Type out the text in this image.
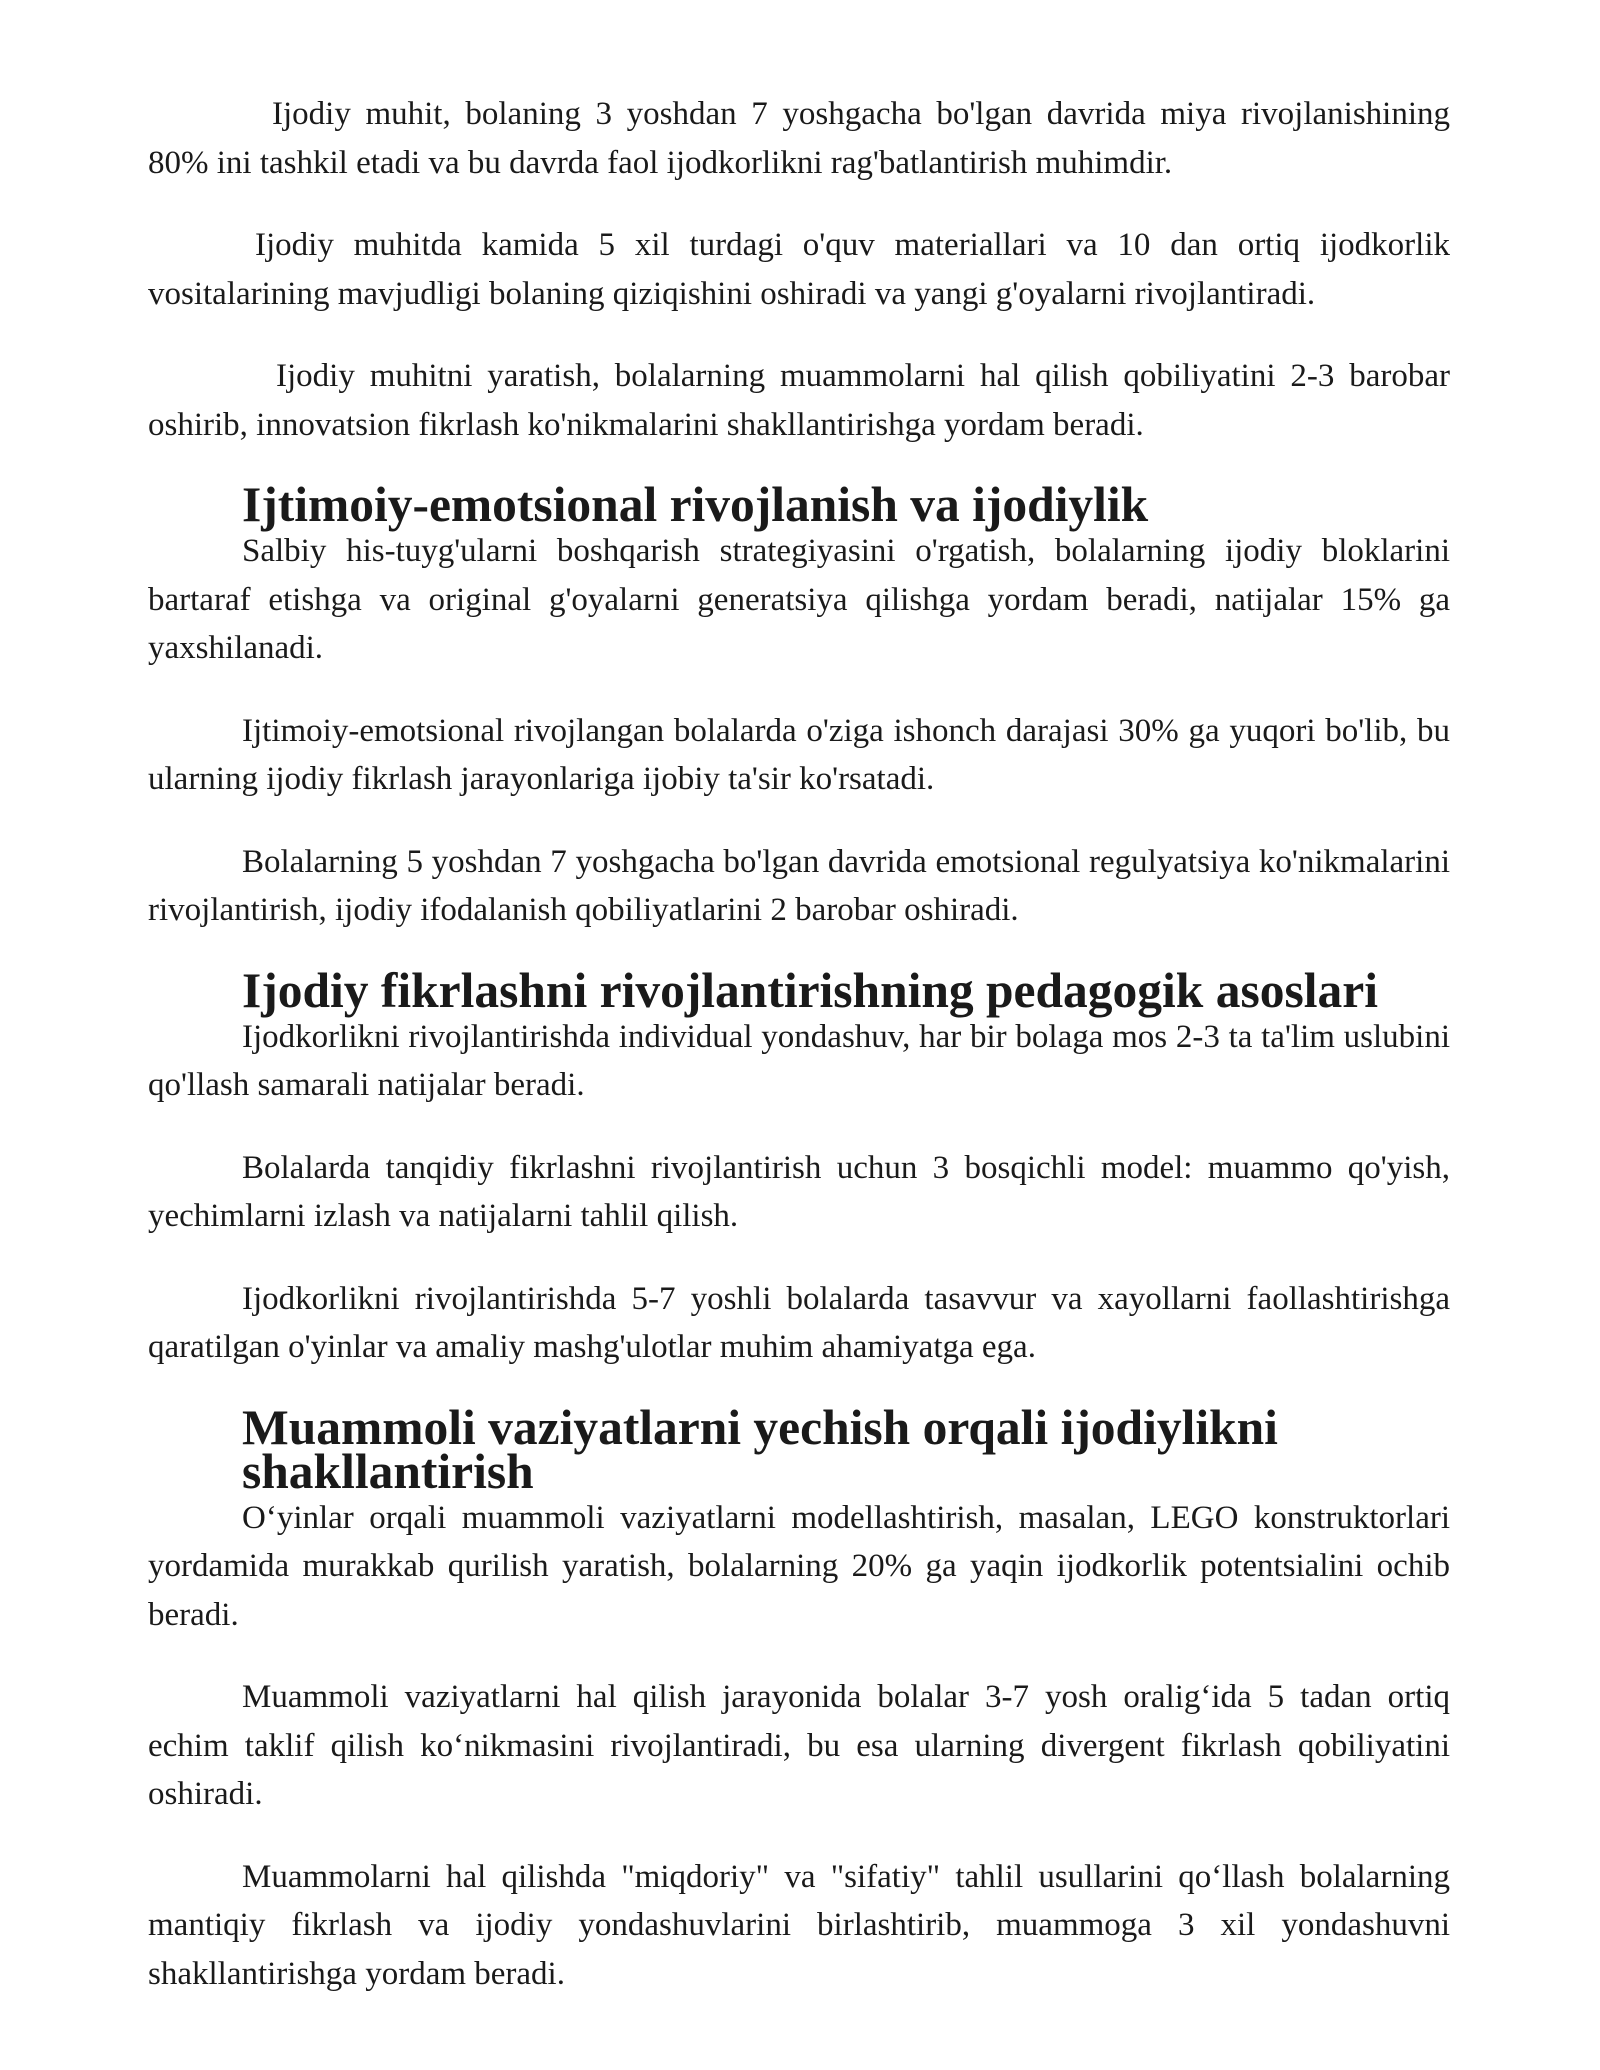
Ijodiy muhit, bolaning 3 yoshdan 7 yoshgacha bo'lgan davrida miya rivojlanishining 80% ini tashkil etadi va bu davrda faol ijodkorlikni rag'batlantirish muhimdir.

Ijodiy muhitda kamida 5 xil turdagi o'quv materiallari va 10 dan ortiq ijodkorlik vositalarining mavjudligi bolaning qiziqishini oshiradi va yangi g'oyalarni rivojlantiradi.

Ijodiy muhitni yaratish, bolalarning muammolarni hal qilish qobiliyatini 2-3 barobar oshirib, innovatsion fikrlash ko'nikmalarini shakllantirishga yordam beradi.

Ijtimoiy-emotsional rivojlanish va ijodiylik

Salbiy his-tuyg'ularni boshqarish strategiyasini o'rgatish, bolalarning ijodiy bloklarini bartaraf etishga va original g'oyalarni generatsiya qilishga yordam beradi, natijalar 15% ga yaxshilanadi.

Ijtimoiy-emotsional rivojlangan bolalarda o'ziga ishonch darajasi 30% ga yuqori bo'lib, bu ularning ijodiy fikrlash jarayonlariga ijobiy ta'sir ko'rsatadi.

Bolalarning 5 yoshdan 7 yoshgacha bo'lgan davrida emotsional regulyatsiya ko'nikmalarini rivojlantirish, ijodiy ifodalanish qobiliyatlarini 2 barobar oshiradi.

Ijodiy fikrlashni rivojlantirishning pedagogik asoslari

Ijodkorlikni rivojlantirishda individual yondashuv, har bir bolaga mos 2-3 ta ta'lim uslubini qo'llash samarali natijalar beradi.

Bolalarda tanqidiy fikrlashni rivojlantirish uchun 3 bosqichli model: muammo qo'yish, yechimlarni izlash va natijalarni tahlil qilish.

Ijodkorlikni rivojlantirishda 5-7 yoshli bolalarda tasavvur va xayollarni faollashtirishga qaratilgan o'yinlar va amaliy mashg'ulotlar muhim ahamiyatga ega.

Muammoli vaziyatlarni yechish orqali ijodiylikni shakllantirish

O‘yinlar orqali muammoli vaziyatlarni modellashtirish, masalan, LEGO konstruktorlari yordamida murakkab qurilish yaratish, bolalarning 20% ga yaqin ijodkorlik potentsialini ochib beradi.

Muammoli vaziyatlarni hal qilish jarayonida bolalar 3-7 yosh oralig‘ida 5 tadan ortiq echim taklif qilish ko‘nikmasini rivojlantiradi, bu esa ularning divergent fikrlash qobiliyatini oshiradi.

Muammolarni hal qilishda "miqdoriy" va "sifatiy" tahlil usullarini qo‘llash bolalarning mantiqiy fikrlash va ijodiy yondashuvlarini birlashtirib, muammoga 3 xil yondashuvni shakllantirishga yordam beradi.
